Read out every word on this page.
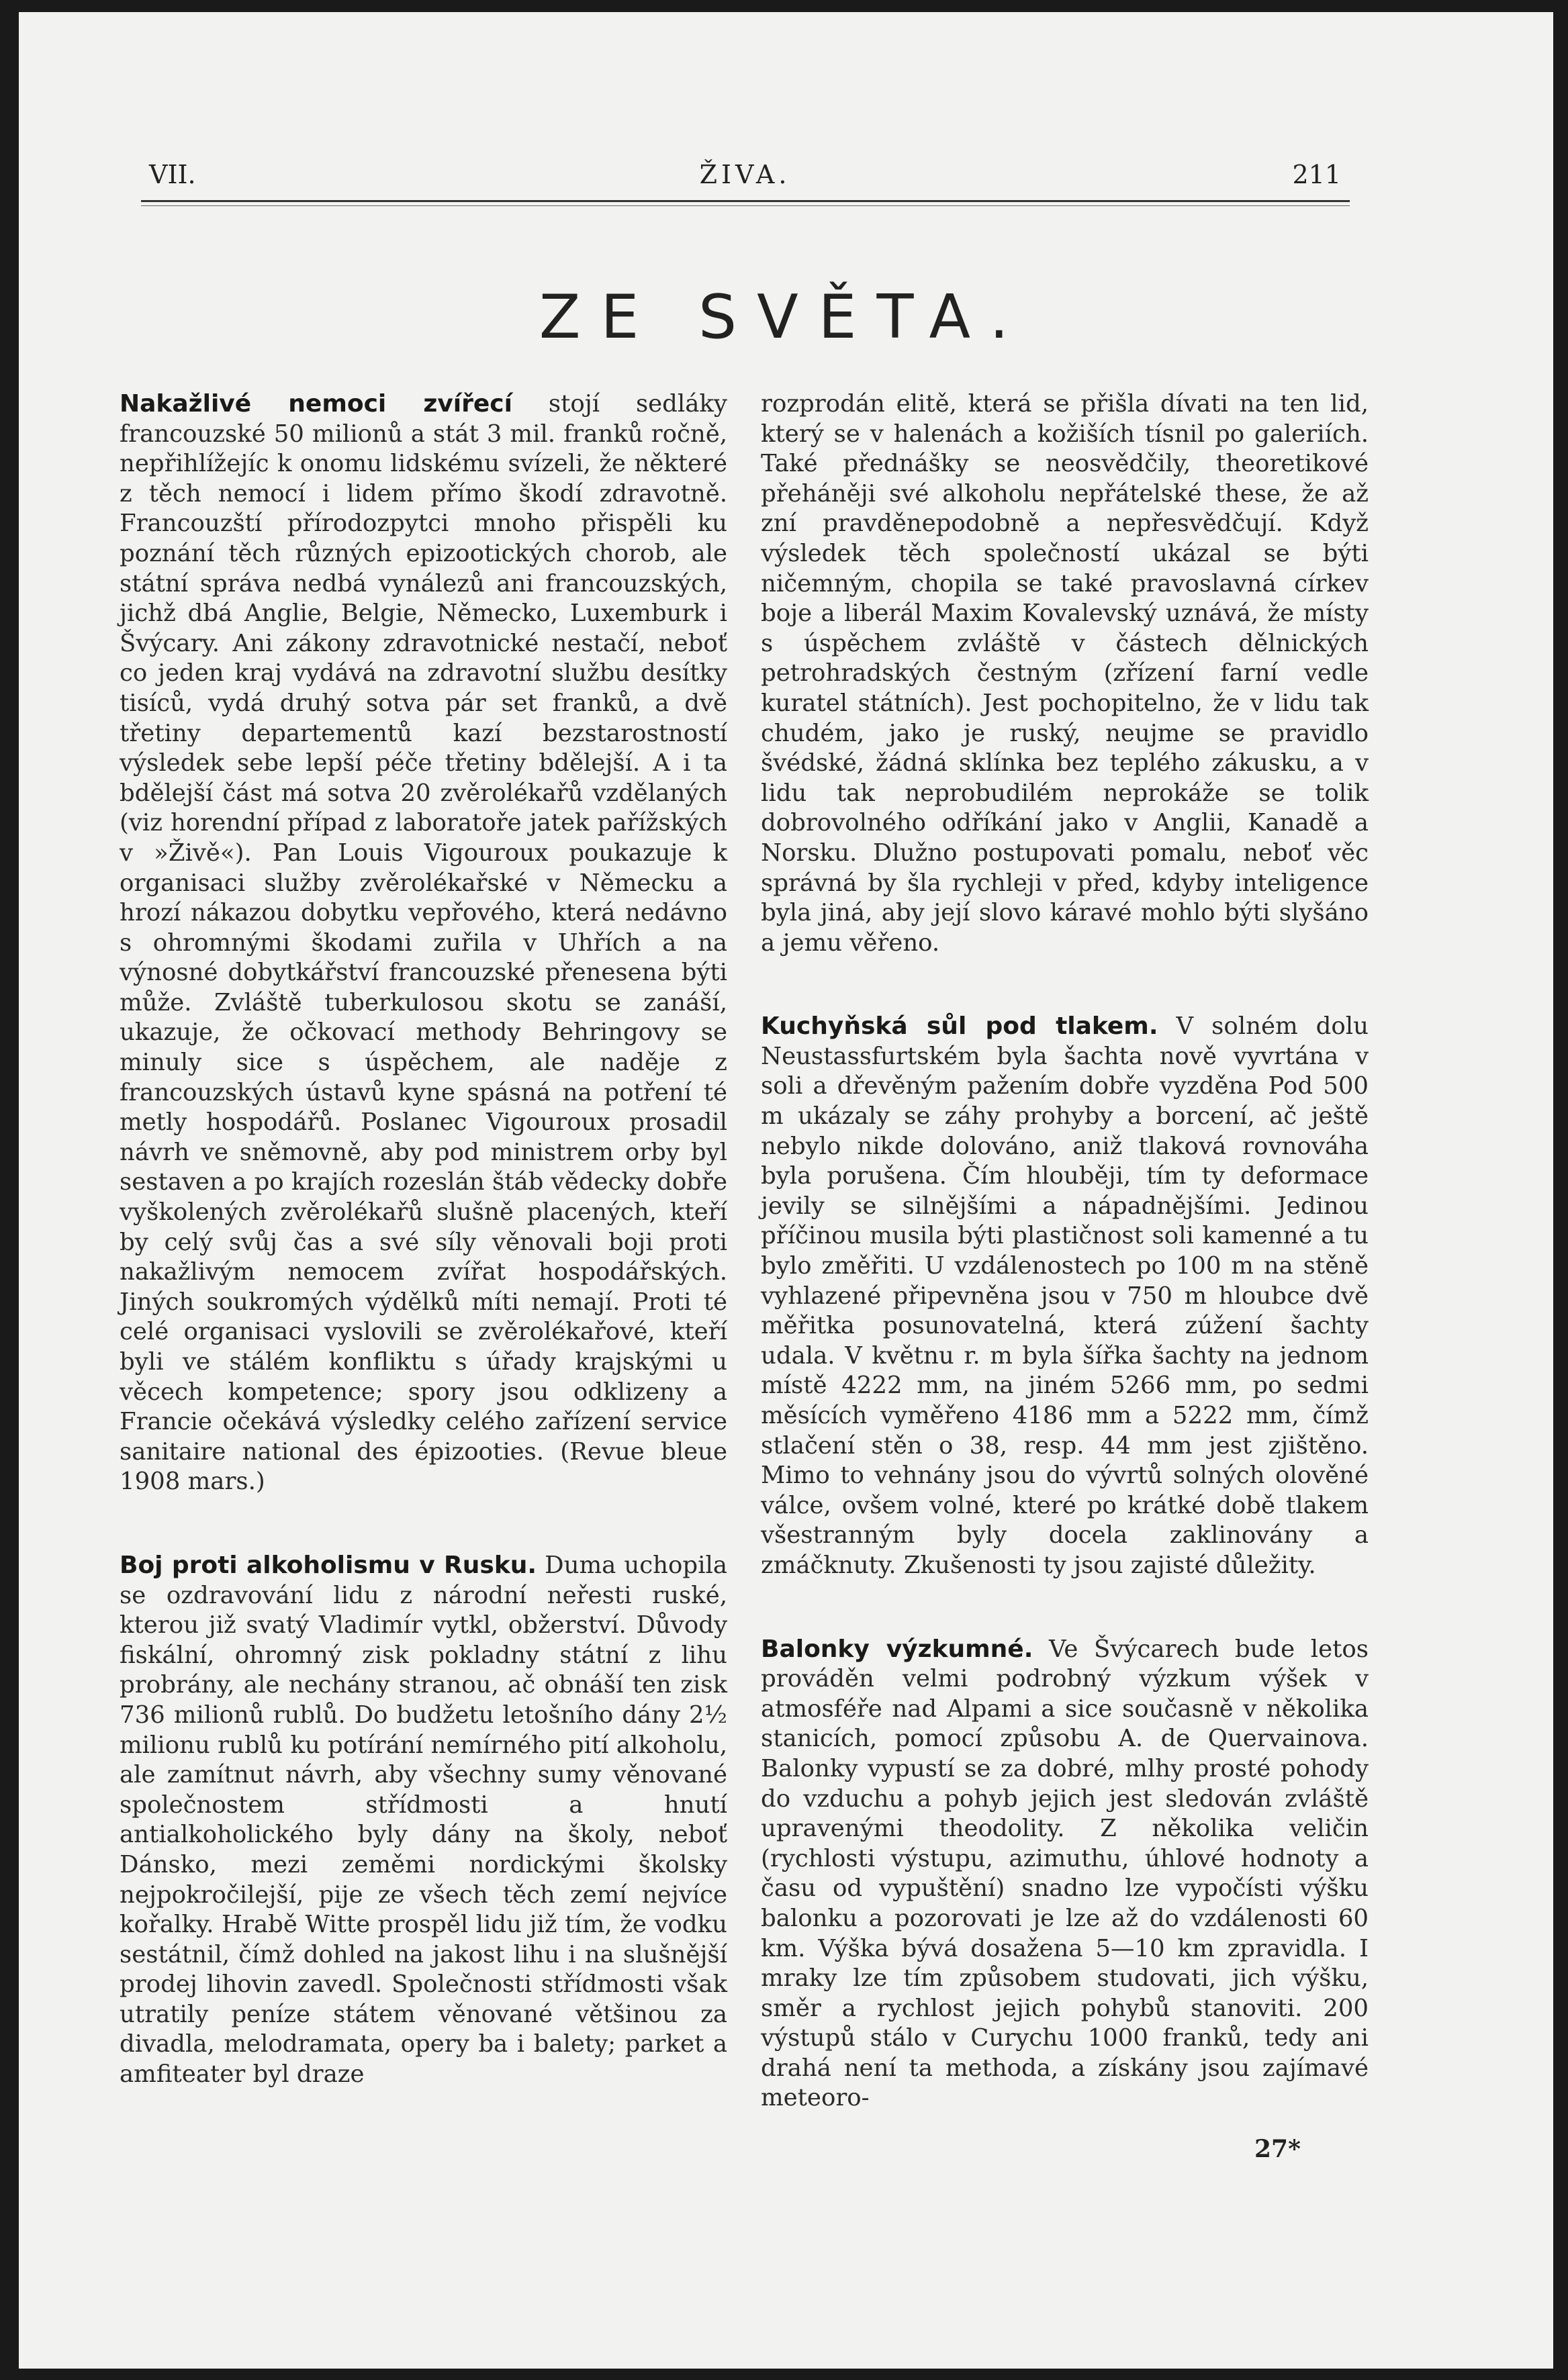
VII.	ŽIVA.	211
ZE SVĚTA.

Nakažlivé nemoci zvířecí stojí sedláky francouzské 50 milionů a stát 3 mil. franků ročně, nepřihlížejíc k onomu lidskému svízeli, že některé z těch nemocí i lidem přímo škodí zdravotně. Francouzští přírodozpytci mnoho přispěli ku poznání těch různých epizootických chorob, ale státní správa nedbá vynálezů ani francouzských, jichž dbá Anglie, Belgie, Německo, Luxemburk i Švýcary. Ani zákony zdravotnické nestačí, neboť co jeden kraj vydává na zdravotní službu desítky tisíců, vydá druhý sotva pár set franků, a dvě třetiny departementů kazí bezstarostností výsledek sebe lepší péče třetiny bdělejší. A i ta bdělejší část má sotva 20 zvěrolékařů vzdělaných (viz horendní případ z laboratoře jatek pařížských v »Živě«). Pan Louis Vigouroux poukazuje k organisaci služby zvěrolékařské v Německu a hrozí nákazou dobytku vepřového, která nedávno s ohromnými škodami zuřila v Uhřích a na výnosné dobytkářství francouzské přenesena býti může. Zvláště tuberkulosou skotu se zanáší, ukazuje, že očkovací methody Behringovy se minuly sice s úspěchem, ale naděje z francouzských ústavů kyne spásná na potření té metly hospodářů. Poslanec Vigouroux prosadil návrh ve sněmovně, aby pod ministrem orby byl sestaven a po krajích rozeslán štáb vědecky dobře vyškolených zvěrolékařů slušně placených, kteří by celý svůj čas a své síly věnovali boji proti nakažlivým nemocem zvířat hospodářských. Jiných soukromých výdělků míti nemají. Proti té celé organisaci vyslovili se zvěrolékařové, kteří byli ve stálém konfliktu s úřady krajskými u věcech kompetence; spory jsou odklizeny a Francie očekává výsledky celého zařízení service sanitaire national des épizooties. (Revue bleue 1908 mars.)

Boj proti alkoholismu v Rusku. Duma uchopila se ozdravování lidu z národní neřesti ruské, kterou již svatý Vladimír vytkl, obžerství. Důvody fiskální, ohromný zisk pokladny státní z lihu probrány, ale nechány stranou, ač obnáší ten zisk 736 milionů rublů. Do budžetu letošního dány 2½ milionu rublů ku potírání nemírného pití alkoholu, ale zamítnut návrh, aby všechny sumy věnované společnostem střídmosti a hnutí antialkoholického byly dány na školy, neboť Dánsko, mezi zeměmi nordickými školsky nejpokročilejší, pije ze všech těch zemí nejvíce kořalky. Hrabě Witte prospěl lidu již tím, že vodku sestátnil, čímž dohled na jakost lihu i na slušnější prodej lihovin zavedl. Společnosti střídmosti však utratily peníze státem věnované většinou za divadla, melodramata, opery ba i balety; parket a amfiteater byl draze

rozprodán elitě, která se přišla dívati na ten lid, který se v halenách a kožiších tísnil po galeriích. Také přednášky se neosvědčily, theoretikové přeháněji své alkoholu nepřátelské these, že až zní pravděnepodobně a nepřesvědčují. Když výsledek těch společností ukázal se býti ničemným, chopila se také pravoslavná církev boje a liberál Maxim Kovalevský uznává, že místy s úspěchem zvláště v částech dělnických petrohradských čestným (zřízení farní vedle kuratel státních). Jest pochopitelno, že v lidu tak chudém, jako je ruský, neujme se pravidlo švédské, žádná sklínka bez teplého zákusku, a v lidu tak neprobudilém neprokáže se tolik dobrovolného odříkání jako v Anglii, Kanadě a Norsku. Dlužno postupovati pomalu, neboť věc správná by šla rychleji v před, kdyby inteligence byla jiná, aby její slovo káravé mohlo býti slyšáno a jemu věřeno.

Kuchyňská sůl pod tlakem. V solném dolu Neustassfurtském byla šachta nově vyvrtána v soli a dřevěným pažením dobře vyzděna Pod 500 m ukázaly se záhy prohyby a borcení, ač ještě nebylo nikde dolováno, aniž tlaková rovnováha byla porušena. Čím hlouběji, tím ty deformace jevily se silnějšími a nápadnějšími. Jedinou příčinou musila býti plastičnost soli kamenné a tu bylo změřiti. U vzdálenostech po 100 m na stěně vyhlazené připevněna jsou v 750 m hloubce dvě měřitka posunovatelná, která zúžení šachty udala. V květnu r. m byla šířka šachty na jednom místě 4222 mm, na jiném 5266 mm, po sedmi měsících vyměřeno 4186 mm a 5222 mm, čímž stlačení stěn o 38, resp. 44 mm jest zjištěno. Mimo to vehnány jsou do vývrtů solných olověné válce, ovšem volné, které po krátké době tlakem všestranným byly docela zaklinovány a zmáčknuty. Zkušenosti ty jsou zajisté důležity.

Balonky výzkumné. Ve Švýcarech bude letos prováděn velmi podrobný výzkum výšek v atmosféře nad Alpami a sice současně v několika stanicích, pomocí způsobu A. de Quervainova. Balonky vypustí se za dobré, mlhy prosté pohody do vzduchu a pohyb jejich jest sledován zvláště upravenými theodolity. Z několika veličin (rychlosti výstupu, azimuthu, úhlové hodnoty a času od vypuštění) snadno lze vypočísti výšku balonku a pozorovati je lze až do vzdálenosti 60 km. Výška bývá dosažena 5—10 km zpravidla. I mraky lze tím způsobem studovati, jich výšku, směr a rychlost jejich pohybů stanoviti. 200 výstupů stálo v Curychu 1000 franků, tedy ani drahá není ta methoda, a získány jsou zajímavé meteoro-

27*
